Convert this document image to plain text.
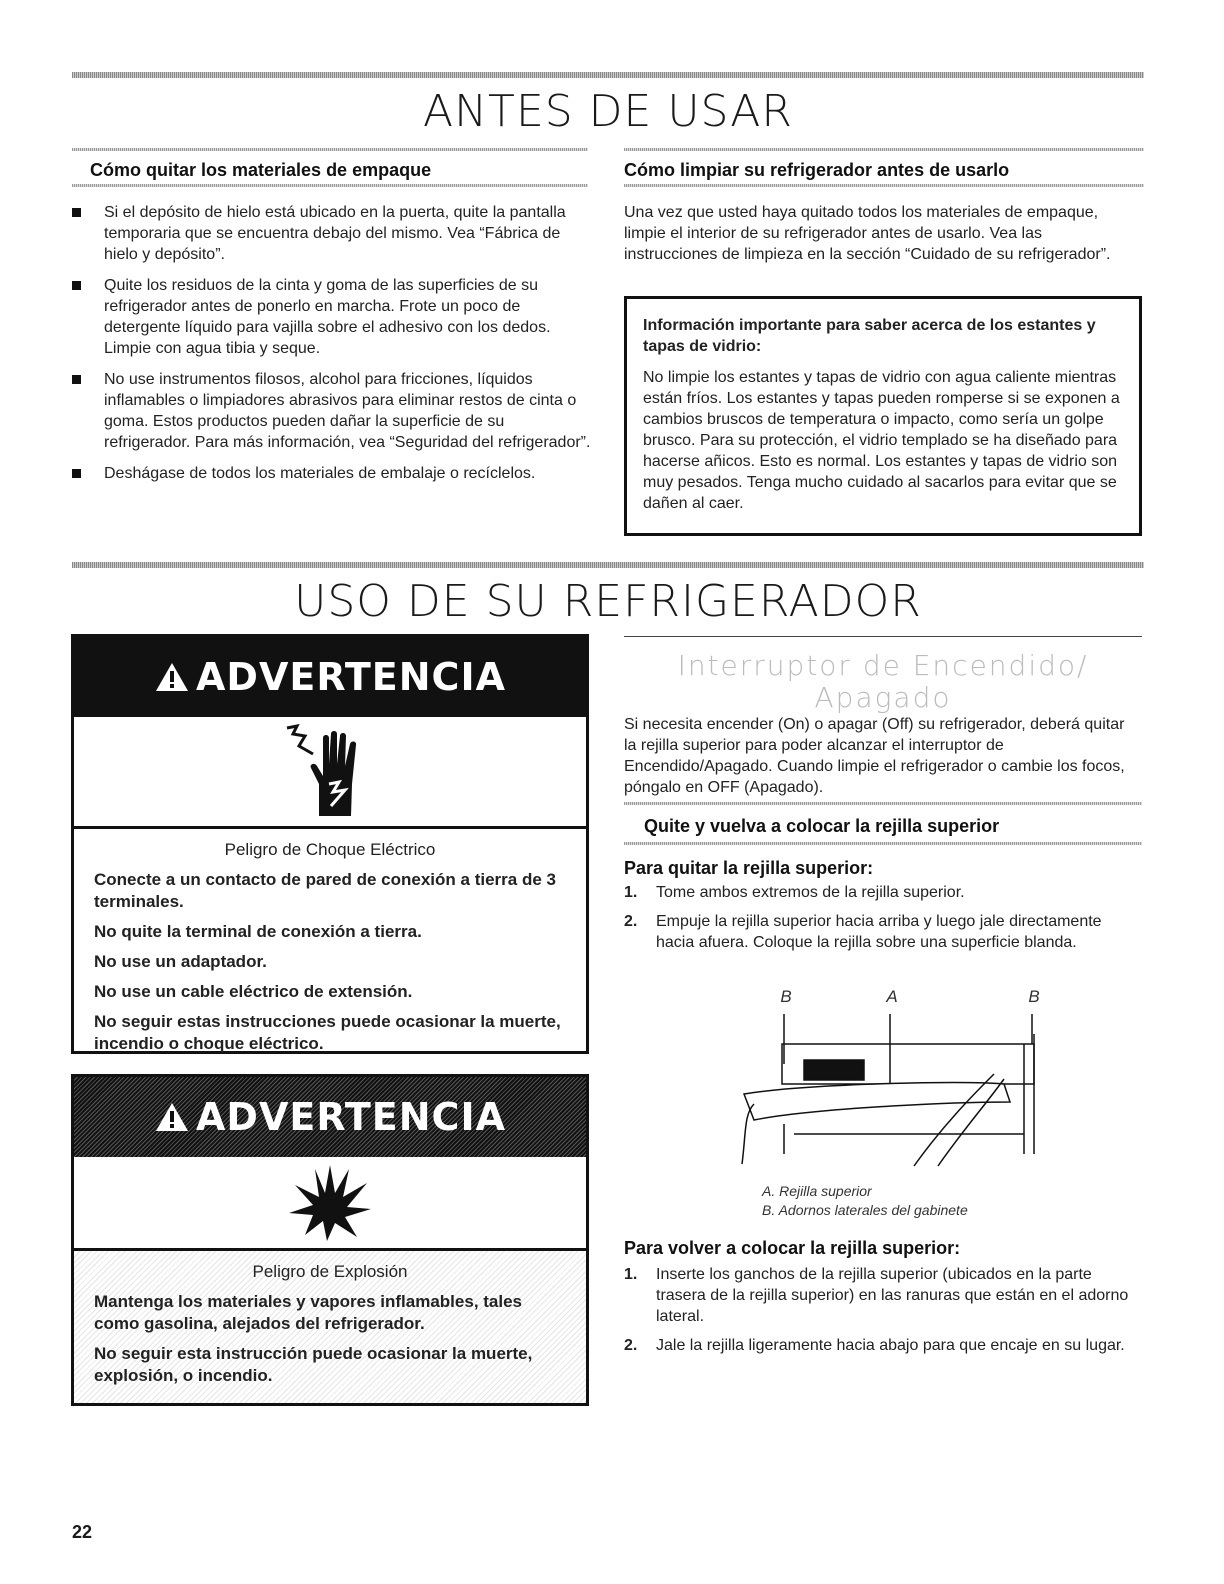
ANTES DE USAR
Cómo quitar los materiales de empaque
Si el depósito de hielo está ubicado en la puerta, quite la pantalla temporaria que se encuentra debajo del mismo. Vea “Fábrica de hielo y depósito”.
Quite los residuos de la cinta y goma de las superficies de su refrigerador antes de ponerlo en marcha. Frote un poco de detergente líquido para vajilla sobre el adhesivo con los dedos. Limpie con agua tibia y seque.
No use instrumentos filosos, alcohol para fricciones, líquidos inflamables o limpiadores abrasivos para eliminar restos de cinta o goma. Estos productos pueden dañar la superficie de su refrigerador. Para más información, vea “Seguridad del refrigerador”.
Deshágase de todos los materiales de embalaje o recíclelos.
Cómo limpiar su refrigerador antes de usarlo
Una vez que usted haya quitado todos los materiales de empaque, limpie el interior de su refrigerador antes de usarlo. Vea las instrucciones de limpieza en la sección “Cuidado de su refrigerador”.
Información importante para saber acerca de los estantes y tapas de vidrio:
No limpie los estantes y tapas de vidrio con agua caliente mientras están fríos. Los estantes y tapas pueden romperse si se exponen a cambios bruscos de temperatura o impacto, como sería un golpe brusco. Para su protección, el vidrio templado se ha diseñado para hacerse añicos. Esto es normal. Los estantes y tapas de vidrio son muy pesados. Tenga mucho cuidado al sacarlos para evitar que se dañen al caer.
USO DE SU REFRIGERADOR
ADVERTENCIA
Peligro de Choque Eléctrico

Conecte a un contacto de pared de conexión a tierra de 3 terminales.

No quite la terminal de conexión a tierra.

No use un adaptador.

No use un cable eléctrico de extensión.

No seguir estas instrucciones puede ocasionar la muerte, incendio o choque eléctrico.

ADVERTENCIA
Peligro de Explosión

Mantenga los materiales y vapores inflamables, tales como gasolina, alejados del refrigerador.

No seguir esta instrucción puede ocasionar la muerte, explosión, o incendio.

Interruptor de Encendido/
Apagado
Si necesita encender (On) o apagar (Off) su refrigerador, deberá quitar la rejilla superior para poder alcanzar el interruptor de Encendido/Apagado. Cuando limpie el refrigerador o cambie los focos, póngalo en OFF (Apagado).
Quite y vuelva a colocar la rejilla superior
Para quitar la rejilla superior:
1. Tome ambos extremos de la rejilla superior.
2. Empuje la rejilla superior hacia arriba y luego jale directamente hacia afuera. Coloque la rejilla sobre una superficie blanda.
B	A	B
A. Rejilla superior
B. Adornos laterales del gabinete
Para volver a colocar la rejilla superior:
1. Inserte los ganchos de la rejilla superior (ubicados en la parte trasera de la rejilla superior) en las ranuras que están en el adorno lateral.
2. Jale la rejilla ligeramente hacia abajo para que encaje en su lugar.
22
